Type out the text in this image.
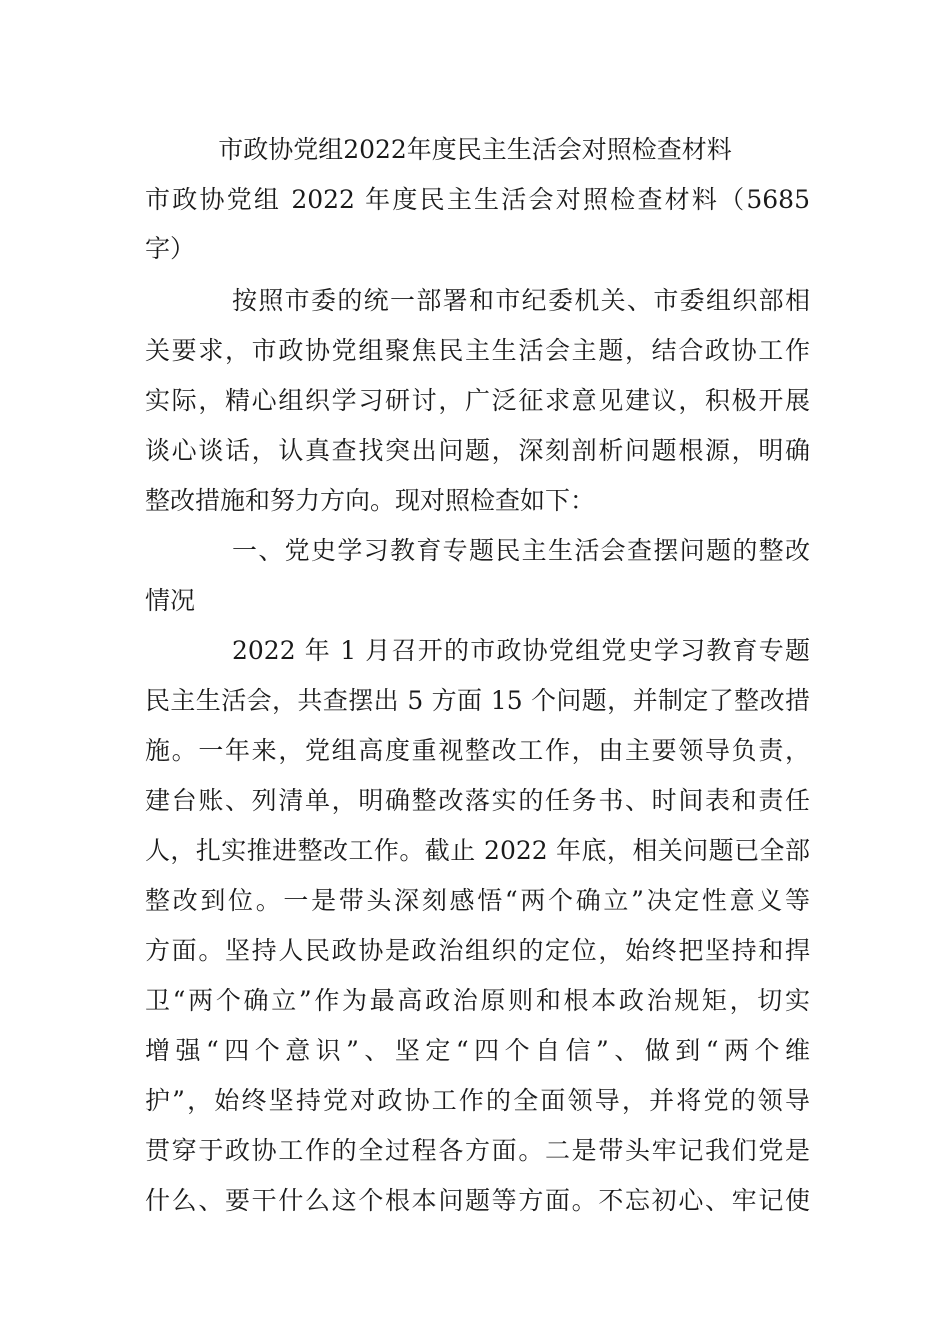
市政协党组2022年度民主生活会对照检查材料
市政协党组 2022 年度民主生活会对照检查材料（5685
字）
按照市委的统一部署和市纪委机关、市委组织部相
关要求，市政协党组聚焦民主生活会主题，结合政协工作
实际，精心组织学习研讨，广泛征求意见建议，积极开展
谈心谈话，认真查找突出问题，深刻剖析问题根源，明确
整改措施和努力方向。现对照检查如下：
一、党史学习教育专题民主生活会查摆问题的整改
情况
2022 年 1 月召开的市政协党组党史学习教育专题
民主生活会，共查摆出 5 方面 15 个问题，并制定了整改措
施。一年来，党组高度重视整改工作，由主要领导负责，
建台账、列清单，明确整改落实的任务书、时间表和责任
人，扎实推进整改工作。截止 2022 年底，相关问题已全部
整改到位。一是带头深刻感悟“两个确立”决定性意义等
方面。坚持人民政协是政治组织的定位，始终把坚持和捍
卫“两个确立”作为最高政治原则和根本政治规矩，切实
增强“四个意识”、坚定“四个自信”、做到“两个维
护”，始终坚持党对政协工作的全面领导，并将党的领导
贯穿于政协工作的全过程各方面。二是带头牢记我们党是
什么、要干什么这个根本问题等方面。不忘初心、牢记使
